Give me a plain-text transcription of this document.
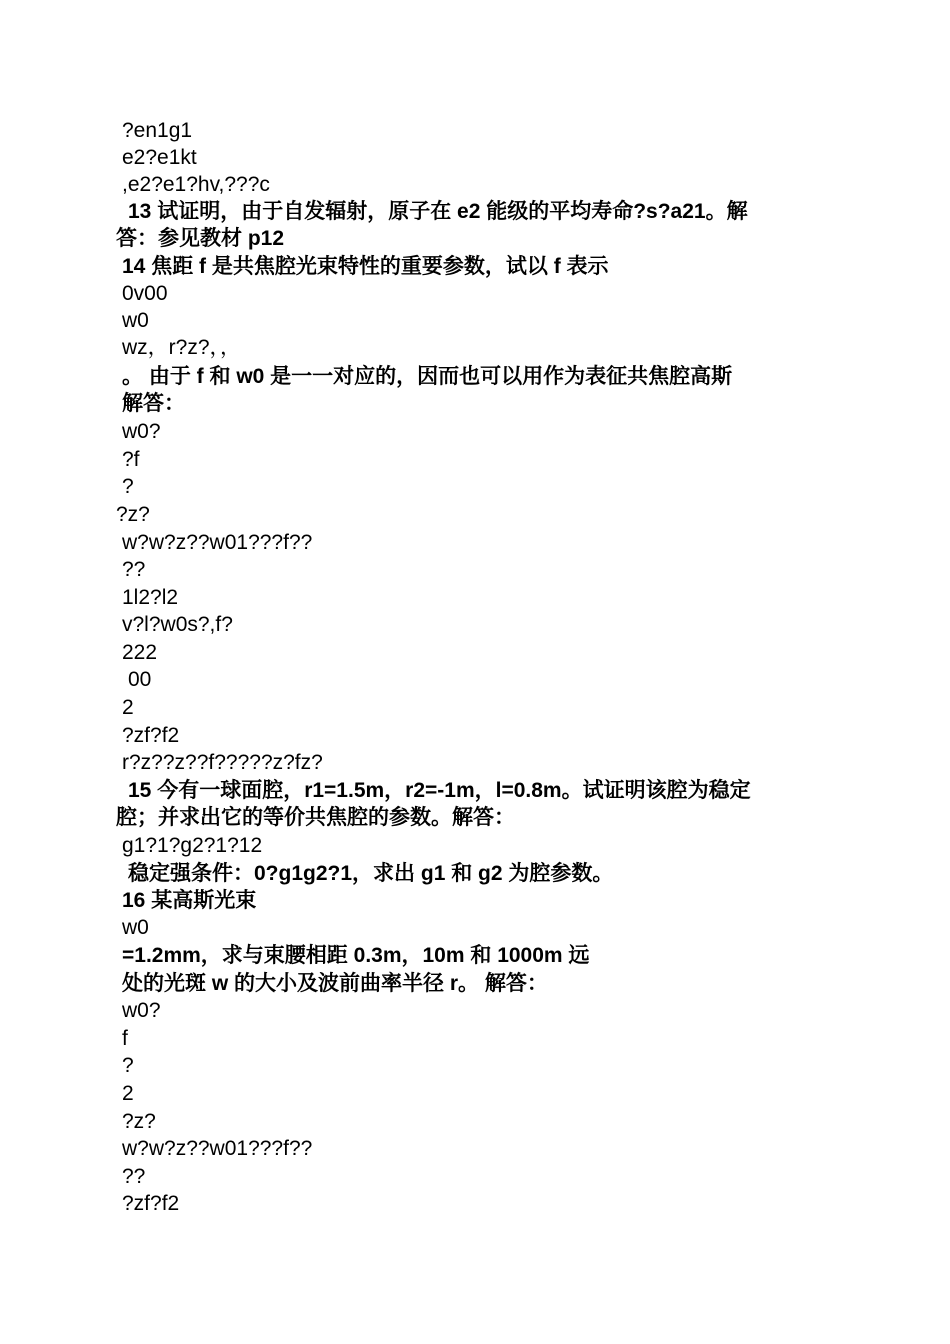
?en1g1
e2?e1kt
,e2?e1?hv,???c
13 试证明，由于自发辐射，原子在 e2 能级的平均寿命?s?a21。解
答：参见教材 p12
14 焦距 f 是共焦腔光束特性的重要参数，试以 f 表示
0v00
w0
wz，r?z?，，
。 由于 f 和 w0 是一一对应的，因而也可以用作为表征共焦腔高斯
解答：
w0?
?f
?
?z?
w?w?z??w01???f??
??
1l2?l2
v?l?w0s?,f?
222
00
2
?zf?f2
r?z??z??f?????z?fz?
15 今有一球面腔，r1=1.5m，r2=-1m，l=0.8m。试证明该腔为稳定
腔；并求出它的等价共焦腔的参数。解答：
g1?1?g2?1?12
稳定强条件：0?g1g2?1，求出 g1 和 g2 为腔参数。
16 某高斯光束
w0
=1.2mm，求与束腰相距 0.3m，10m 和 1000m 远
处的光斑 w 的大小及波前曲率半径 r。 解答：
w0?
f
?
2
?z?
w?w?z??w01???f??
??
?zf?f2
